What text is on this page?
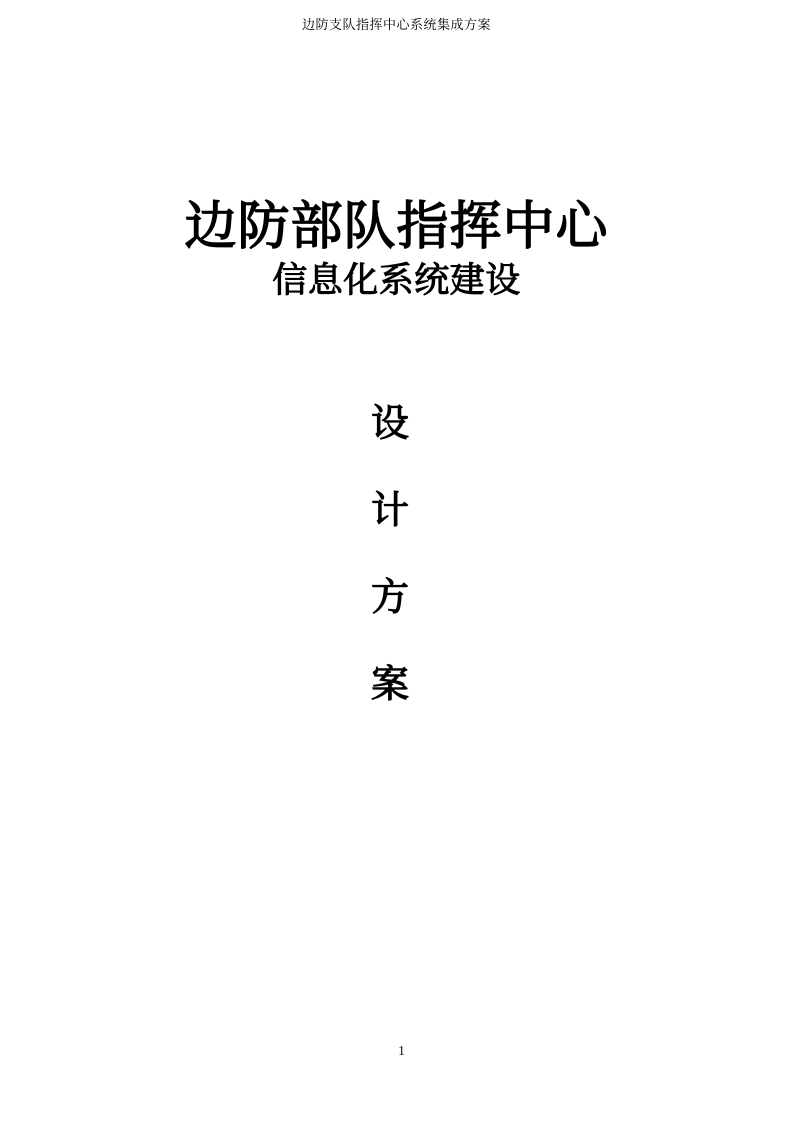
边防支队指挥中心系统集成方案
边防部队指挥中心
信息化系统建设
设
计
方
案
1
